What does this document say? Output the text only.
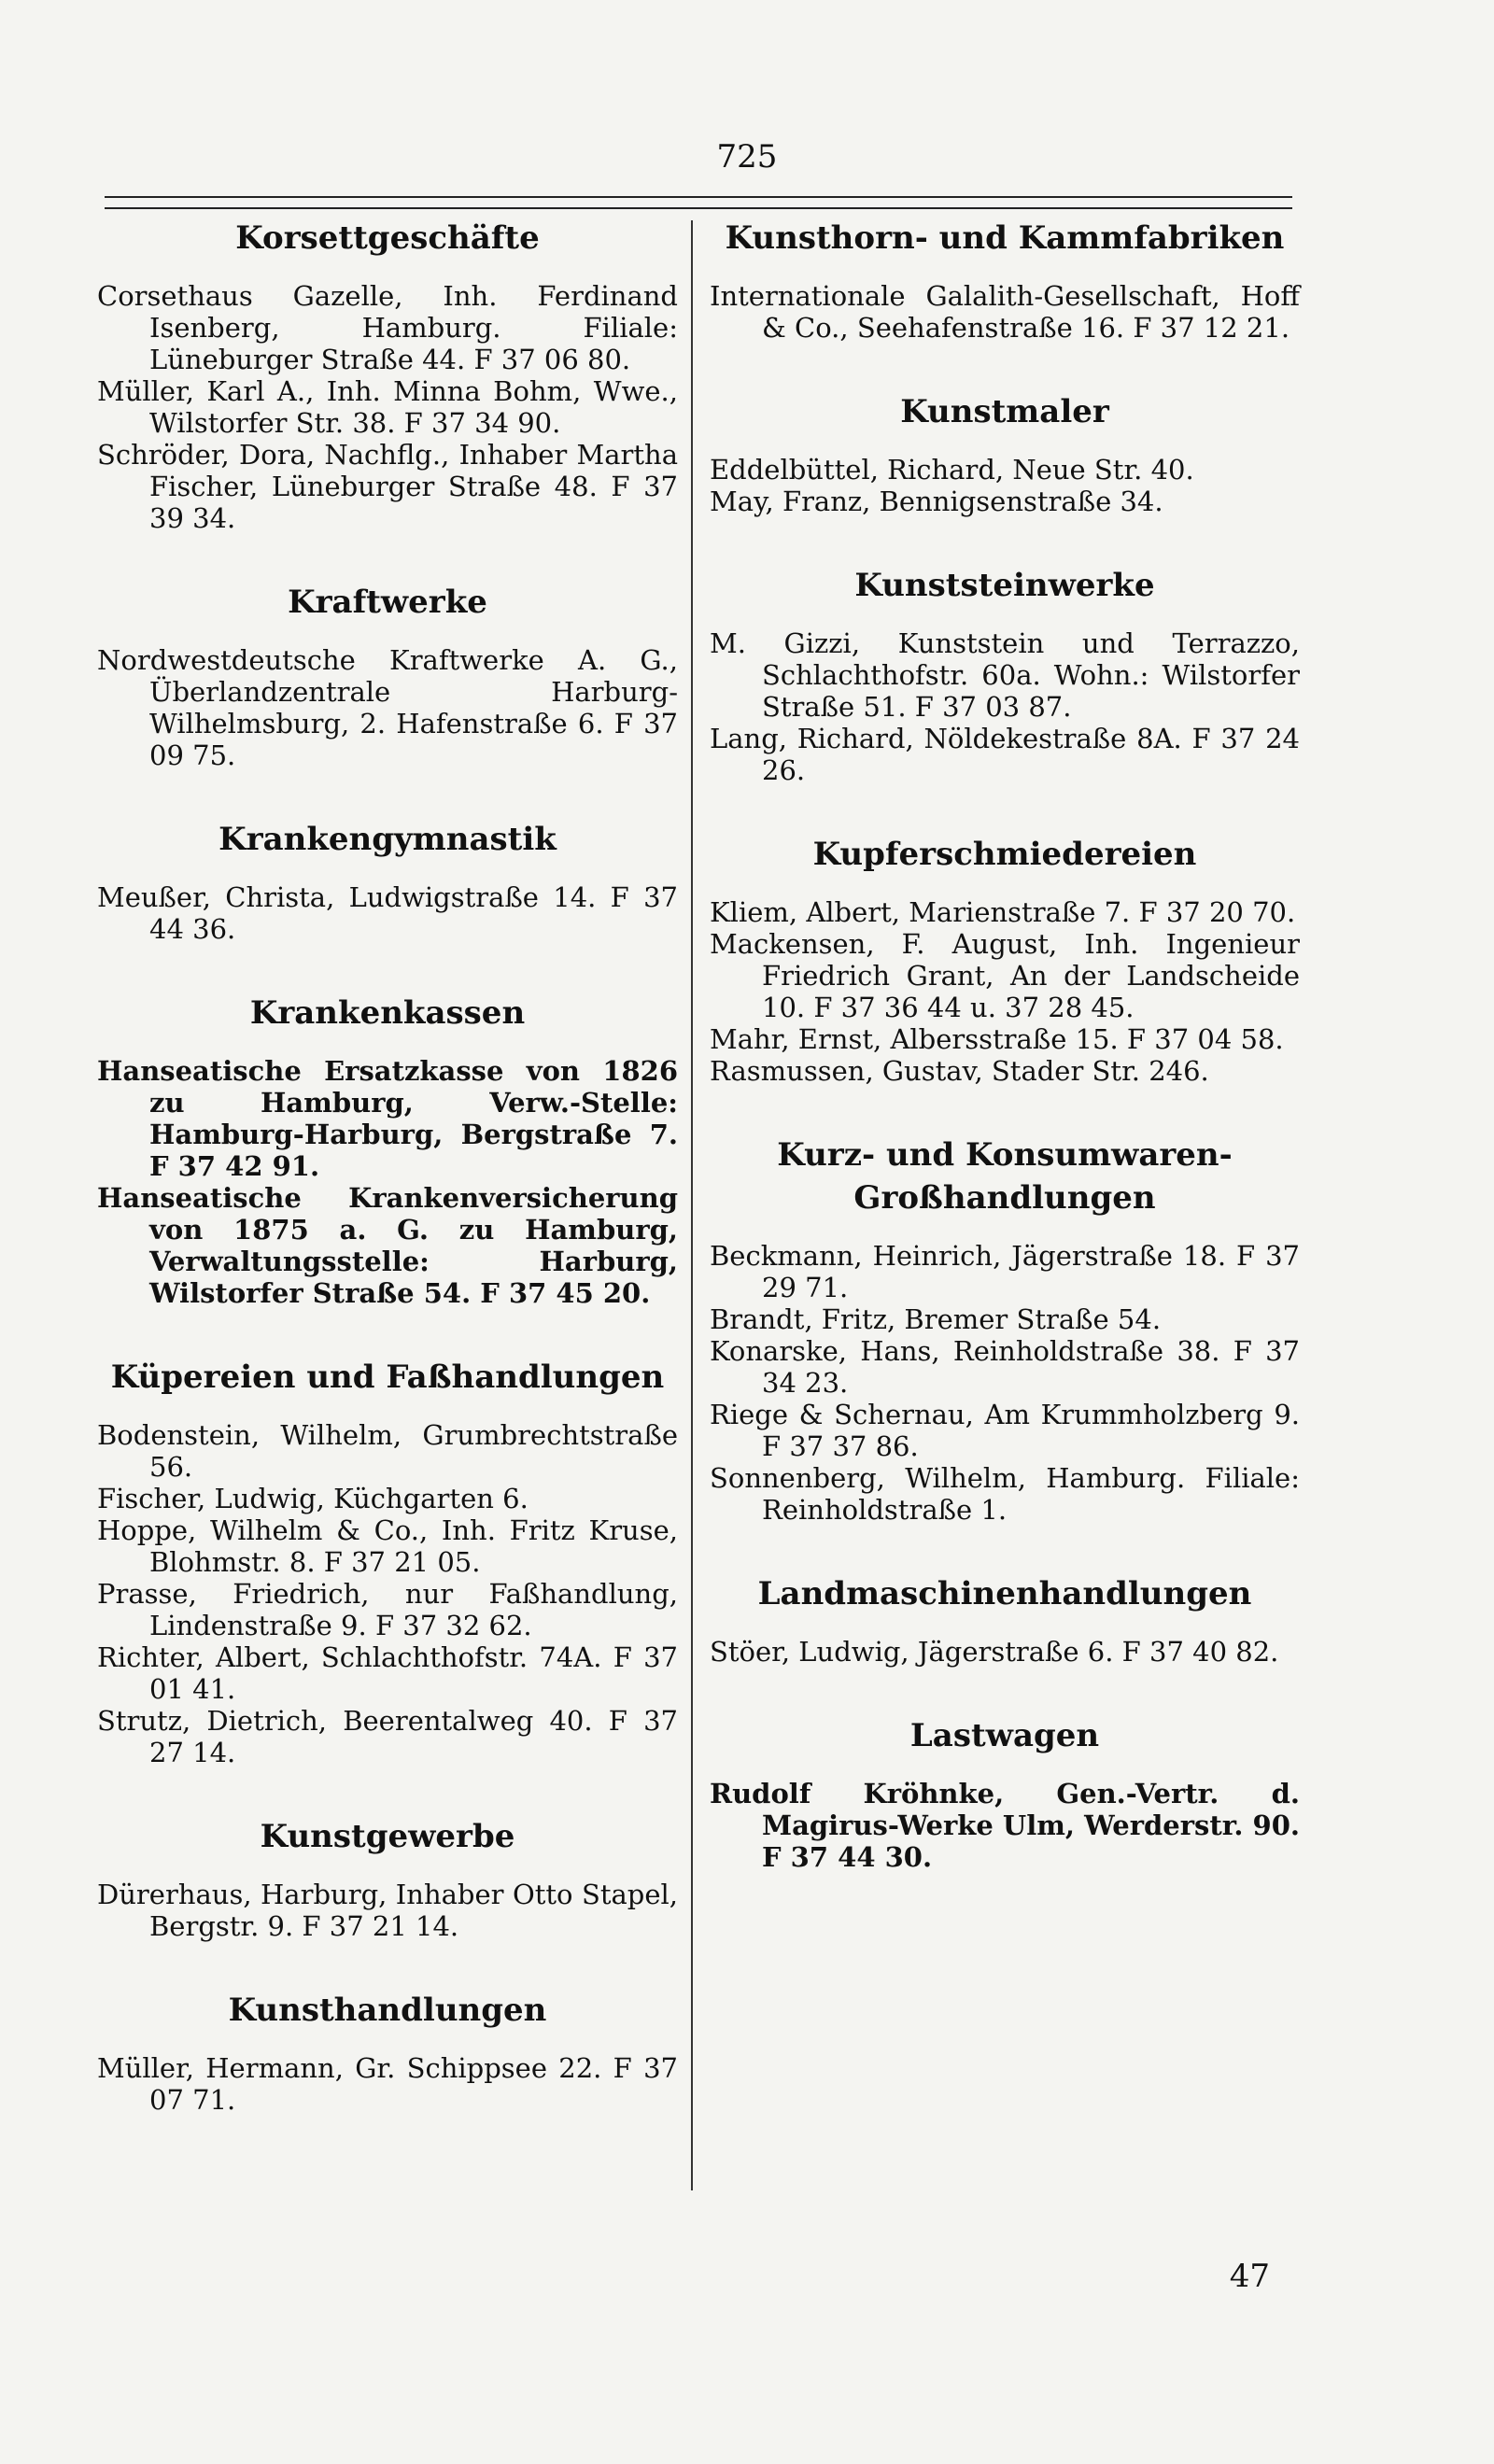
725
Korsettgeschäfte

Corsethaus Gazelle, Inh. Ferdinand Isenberg, Hamburg. Filiale: Lüneburger Straße 44. F 37 06 80.

Müller, Karl A., Inh. Minna Bohm, Wwe., Wilstorfer Str. 38. F 37 34 90.

Schröder, Dora, Nachflg., Inhaber Martha Fischer, Lüneburger Straße 48. F 37 39 34.

Kraftwerke

Nordwestdeutsche Kraftwerke A. G., Überlandzentrale Harburg-Wilhelmsburg, 2. Hafenstraße 6. F 37 09 75.

Krankengymnastik

Meußer, Christa, Ludwigstraße 14. F 37 44 36.

Krankenkassen

Hanseatische Ersatzkasse von 1826 zu Hamburg, Verw.-Stelle: Hamburg-Harburg, Bergstraße 7. F 37 42 91.

Hanseatische Krankenversicherung von 1875 a. G. zu Hamburg, Verwaltungsstelle: Harburg, Wilstorfer Straße 54. F 37 45 20.

Küpereien und Faßhandlungen

Bodenstein, Wilhelm, Grumbrechtstraße 56.

Fischer, Ludwig, Küchgarten 6.

Hoppe, Wilhelm & Co., Inh. Fritz Kruse, Blohmstr. 8. F 37 21 05.

Prasse, Friedrich, nur Faßhandlung, Lindenstraße 9. F 37 32 62.

Richter, Albert, Schlachthofstr. 74A. F 37 01 41.

Strutz, Dietrich, Beerentalweg 40. F 37 27 14.

Kunstgewerbe

Dürerhaus, Harburg, Inhaber Otto Stapel, Bergstr. 9. F 37 21 14.

Kunsthandlungen

Müller, Hermann, Gr. Schippsee 22. F 37 07 71.

Kunsthorn- und Kammfabriken

Internationale Galalith-Gesellschaft, Hoff & Co., Seehafenstraße 16. F 37 12 21.

Kunstmaler

Eddelbüttel, Richard, Neue Str. 40.

May, Franz, Bennigsenstraße 34.

Kunststeinwerke

M. Gizzi, Kunststein und Terrazzo, Schlachthofstr. 60a. Wohn.: Wilstorfer Straße 51. F 37 03 87.

Lang, Richard, Nöldekestraße 8A. F 37 24 26.

Kupferschmiedereien

Kliem, Albert, Marienstraße 7. F 37 20 70.

Mackensen, F. August, Inh. Ingenieur Friedrich Grant, An der Landscheide 10. F 37 36 44 u. 37 28 45.

Mahr, Ernst, Albersstraße 15. F 37 04 58.

Rasmussen, Gustav, Stader Str. 246.

Kurz- und Konsumwaren-Großhandlungen

Beckmann, Heinrich, Jägerstraße 18. F 37 29 71.

Brandt, Fritz, Bremer Straße 54.

Konarske, Hans, Reinholdstraße 38. F 37 34 23.

Riege & Schernau, Am Krummholzberg 9. F 37 37 86.

Sonnenberg, Wilhelm, Hamburg. Filiale: Reinholdstraße 1.

Landmaschinenhandlungen

Stöer, Ludwig, Jägerstraße 6. F 37 40 82.

Lastwagen

Rudolf Kröhnke, Gen.-Vertr. d. Magirus-Werke Ulm, Werderstr. 90. F 37 44 30.

47
